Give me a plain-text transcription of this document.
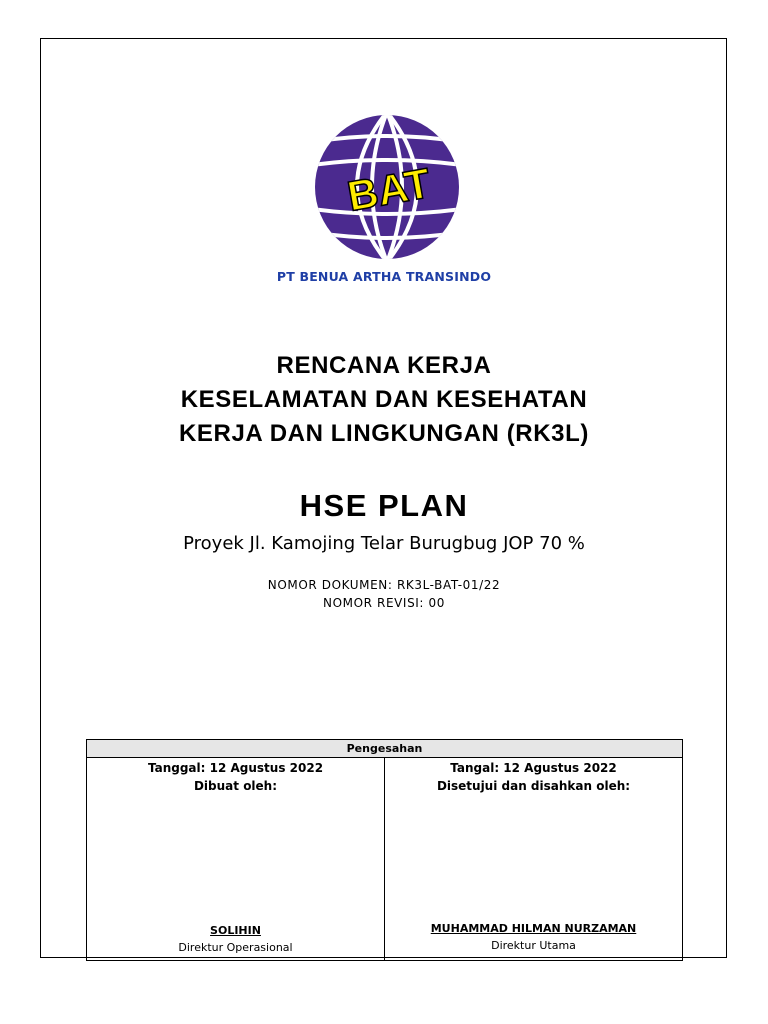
BAT
PT BENUA ARTHA TRANSINDO
RENCANA KERJA
KESELAMATAN DAN KESEHATAN
KERJA DAN LINGKUNGAN (RK3L)
HSE PLAN
Proyek Jl. Kamojing Telar Burugbug JOP 70 %
NOMOR DOKUMEN: RK3L-BAT-01/22
NOMOR REVISI: 00
Pengesahan
Tanggal: 12 Agustus 2022
Dibuat oleh:
SOLIHIN
Direktur Operasional
Tangal: 12 Agustus 2022
Disetujui dan disahkan oleh:
MUHAMMAD HILMAN NURZAMAN
Direktur Utama
